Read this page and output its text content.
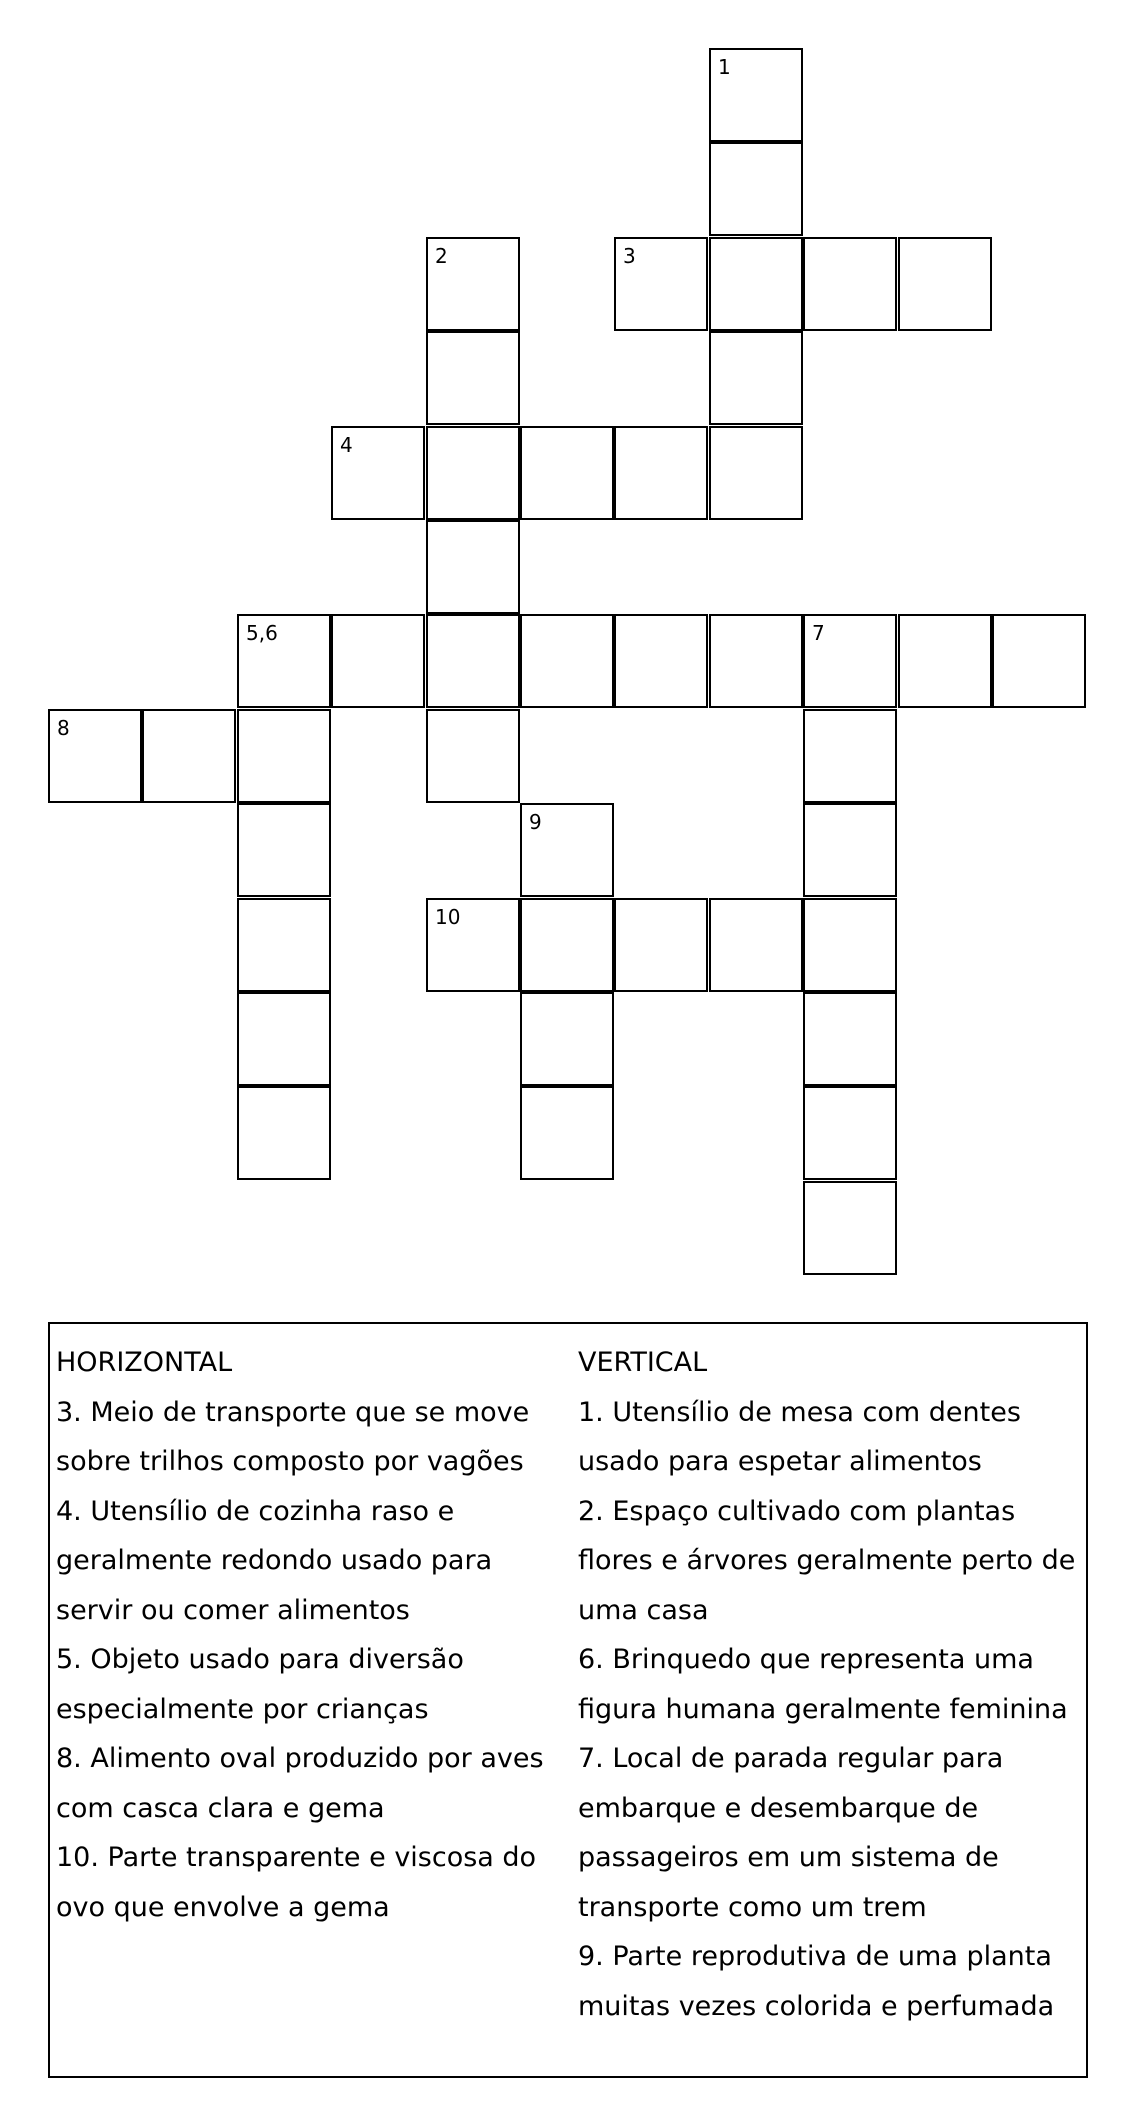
1
2	3
4
5,6	7
8
9
10
HORIZONTAL
3. Meio de transporte que se move
sobre trilhos composto por vagões
4. Utensílio de cozinha raso e
geralmente redondo usado para
servir ou comer alimentos
5. Objeto usado para diversão
especialmente por crianças
8. Alimento oval produzido por aves
com casca clara e gema
10. Parte transparente e viscosa do
ovo que envolve a gema
VERTICAL
1. Utensílio de mesa com dentes
usado para espetar alimentos
2. Espaço cultivado com plantas
flores e árvores geralmente perto de
uma casa
6. Brinquedo que representa uma
figura humana geralmente feminina
7. Local de parada regular para
embarque e desembarque de
passageiros em um sistema de
transporte como um trem
9. Parte reprodutiva de uma planta
muitas vezes colorida e perfumada
